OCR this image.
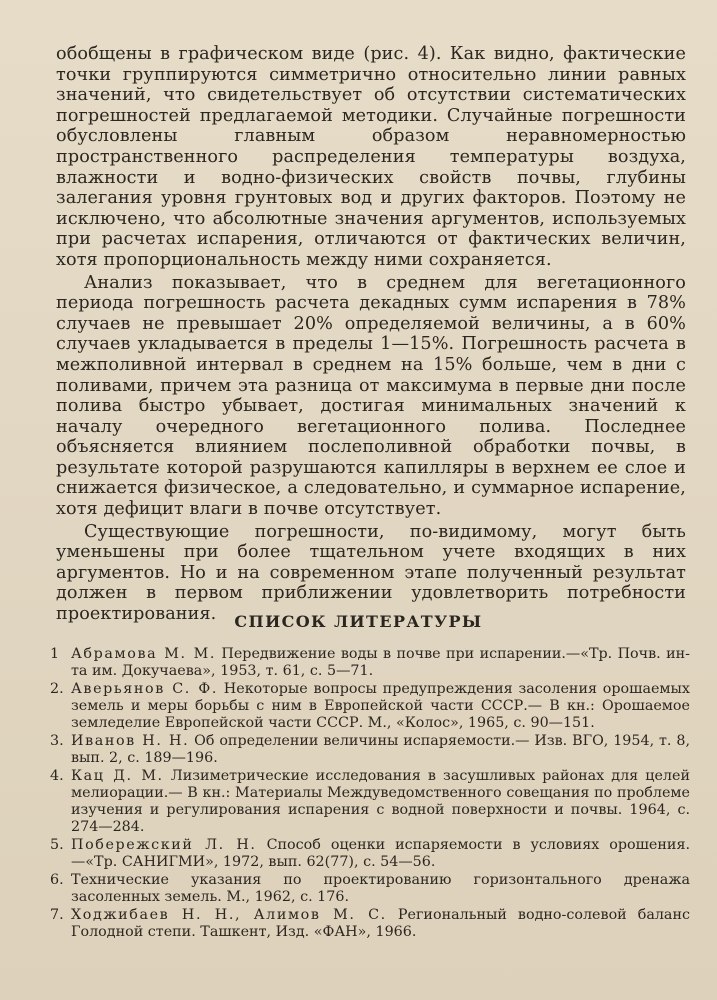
обобщены в графическом виде (рис. 4). Как видно, фактические точки группируются симметрично относительно линии равных значений, что свидетельствует об отсутствии систематических погрешностей предлагаемой методики. Случайные погрешности обусловлены главным образом неравномерностью пространственного распределения температуры воздуха, влажности и водно-физических свойств почвы, глубины залегания уровня грунтовых вод и других факторов. Поэтому не исключено, что абсолютные значения аргументов, используемых при расчетах испарения, отличаются от фактических величин, хотя пропорциональность между ними сохраняется.

Анализ показывает, что в среднем для вегетационного периода погрешность расчета декадных сумм испарения в 78% случаев не превышает 20% определяемой величины, а в 60% случаев укладывается в пределы 1—15%. Погрешность расчета в межполивной интервал в среднем на 15% больше, чем в дни с поливами, причем эта разница от максимума в первые дни после полива быстро убывает, достигая минимальных значений к началу очередного вегетационного полива. Последнее объясняется влиянием послеполивной обработки почвы, в результате которой разрушаются капилляры в верхнем ее слое и снижается физическое, а следовательно, и суммарное испарение, хотя дефицит влаги в почве отсутствует.

Существующие погрешности, по-видимому, могут быть уменьшены при более тщательном учете входящих в них аргументов. Но и на современном этапе полученный результат должен в первом приближении удовлетворить потребности проектирования.	СПИСОК ЛИТЕРАТУРЫ
1 Абрамова М. М. Передвижение воды в почве при испарении.—«Тр. Почв. ин-та им. Докучаева», 1953, т. 61, с. 5—71.
2. Аверьянов С. Ф. Некоторые вопросы предупреждения засоления орошаемых земель и меры борьбы с ним в Европейской части СССР.— В кн.: Орошаемое земледелие Европейской части СССР. М., «Колос», 1965, с. 90—151.
3. Иванов Н. Н. Об определении величины испаряемости.— Изв. ВГО, 1954, т. 8, вып. 2, с. 189—196.
4. Кац Д. М. Лизиметрические исследования в засушливых районах для целей мелиорации.— В кн.: Материалы Междуведомственного совещания по проблеме изучения и регулирования испарения с водной поверхности и почвы. 1964, с. 274—284.
5. Побережский Л. Н. Способ оценки испаряемости в условиях орошения.—«Тр. САНИГМИ», 1972, вып. 62(77), с. 54—56.
6. Технические указания по проектированию горизонтального дренажа засоленных земель. М., 1962, с. 176.
7. Ходжибаев Н. Н., Алимов М. С. Региональный водно-солевой баланс Голодной степи. Ташкент, Изд. «ФАН», 1966.
